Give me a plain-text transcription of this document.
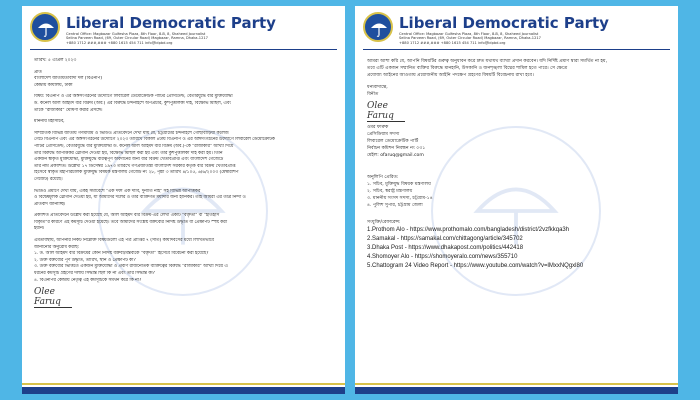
Liberal Democratic Party
Central Office: Magbazar Gulfesha Plaza, 8th Floor, 8-B, 8, Shaheed Journalist
Selina Parveen Road, (69, Outer Circular Road) Magbazar, Ramna, Dhaka-1217
+880 1712 ###,### +880 1615 454 711 info@ldpbd.org
তারিখ: ৫ এপ্রিল ২০২৩
প্রতি
বাংলাদেশ জাতীয়তাবাদী দল (বিএনপি)
কেন্দ্রীয় কার্যালয়, ঢাকা
বিষয়: বিএনপি ও এর অঙ্গসংগঠনের উদ্যোগে লিবারেল ডেমোক্রেটিক পার্টির প্রেসিডেন্ট, বেতারযুদ্ধে বীর মুক্তিযোদ্ধা
ড. কর্নেল অলি আহমদ বীর বিক্রম (অব:) এর বিরুদ্ধে চন্দনাইশে অপপ্রচার, কুশপুত্তলিকা দাহ, বিক্ষোভ মিছিল, এবং
তাঁকে "রাজাকার" ঘোষণা করার প্রসঙ্গে।
মাননীয় মহাসচিব,
সাম্প্রতিক বিভিন্ন জাতীয় গণমাধ্যম ও ভিডিও প্রতিবেদনে দেখা যায় যে, চট্টগ্রামের চন্দনাইশে গোছাবাড়িয়া কলেজ
গেটে বিএনপি এবং এর অঙ্গসংগঠনের উদ্যোগে ২০২৩ তারিখে বিকাল ৪টায় বিএনপি ও এর অঙ্গসংগঠনের উদ্যোগে লিবারেল ডেমোক্রেটিক
পার্টির প্রেসিডেন্ট, বেতারযুদ্ধে বীর মুক্তিযোদ্ধা ড. কর্নেল অলি আহমদ বীর বিক্রম (অব.)-কে "রাজাকার" আখ্যা দিয়ে
তাঁর বিরুদ্ধে আপত্তিকর স্লোগান দেওয়া হয়, বিক্ষোভ মিছিল করা হয় এবং তাঁর কুশপুত্তলিকা দাহ করা হয়। তিনি
একজন স্বীকৃত মুক্তিযোদ্ধা, মুক্তিযুদ্ধে বীরত্বপূর্ণ অবদানের জন্য বীর বিক্রম খেতাবপ্রাপ্ত এবং বাংলাদেশ গেজেটে
তাঁর নাম প্রকাশিত। উল্লেখ্য ১৭ ডিসেম্বর ১৯৭৩ তারিখে গণপ্রজাতন্ত্রী বাংলাদেশ সরকার কর্তৃক বীর বিক্রম খেতাবপ্রাপ্ত
হিসেবে স্বীকৃত মহাপরিচালক মুক্তিযুদ্ধ বিষয়ক মন্ত্রণালয় গেজেট নং ২৮, পৃষ্ঠা ৩ তারিখ ৪/১০৫, ৬/৬/২০০৩ (মেম্বারশিপ
গেজেট) রয়েছে।
ভিডিও প্রমাণে দেখা যায়, একই সমাবেশে "এক দফা এক দাবি, দুর্নীতি নাই" সহ বিভিন্ন আপত্তিকর
ও বিদ্বেষমূলক স্লোগান দেওয়া হয়, যা আমাদের দলের ও তাঁর ব্যক্তিগত মর্যাদার জন্য হানিকর। তাই আমরা এর তীব্র নিন্দা ও
প্রতিবাদ জানাচ্ছি।
প্রকাশিত প্রতিবেদনে উল্লেখ করা হয়েছে যে, অলি আহমদ বীর বিক্রম-এর লেখা একটি "বক্তৃতা" বা "ইতিহাস
বিকৃতি"র কারণে এই কর্মসূচি দেওয়া হয়েছে। তবে আমাদের সংশ্লিষ্ট বক্তব্যের নির্দিষ্ট উদ্ধৃতি বা প্রেক্ষাপট স্পষ্ট করা
হয়নি।
এমতাবস্থায়, আপনার নিকট নিম্নোক্ত বিষয়গুলো এই পত্র প্রাপ্তির ৭ (সাত) কার্যদিবসের মধ্যে লিখিতভাবে
জানানোর অনুরোধ করছি:
১. ড. অলি আহমদ বীর বিক্রমের কোন নির্দিষ্ট বক্তব্য/মন্তব্যকে "বক্তৃতা" হিসেবে বিবেচনা করা হয়েছে?
২. উক্ত বক্তব্যের পূর্ণ উদ্ধৃতি, তারিখ, স্থান ও প্রেক্ষাপট কী?
৩. উক্ত বক্তব্যের ভিত্তিতে একজন মুক্তিযোদ্ধা ও প্রবীণ রাজনৈতিক ব্যক্তিত্বের বিরুদ্ধে "রাজাকার" আখ্যা দিয়ে এ
ধরনের কর্মসূচি গ্রহণের দলীয় সিদ্ধান্ত ছিল কি না এবং তার সিদ্ধান্ত কী?
৪. বিএনপির কেন্দ্রীয় নেতৃত্ব এই কর্মসূচিকে সমর্থন করে কি না?
Olee Faruq
Liberal Democratic Party
Central Office: Magbazar Gulfesha Plaza, 8th Floor, 8-B, 8, Shaheed Journalist
Selina Parveen Road, (69, Outer Circular Road) Magbazar, Ramna, Dhaka-1217
+880 1712 ###,### +880 1615 454 711 info@ldpbd.org
আমরা আশা করি যে, আপনি বিষয়টির গুরুত্ব অনুধাবন করে দ্রুত যথাযথ ব্যাখ্যা প্রদান করবেন। যদি নির্দিষ্ট প্রমাণ দ্বারা সমর্থিত না হয়,
তবে এটি একজন সম্মানিত ব্যক্তির বিরুদ্ধে মানহানি, উসকানি ও জনশৃঙ্খলা বিঘ্নের শামিল হতে পারে। সে ক্ষেত্রে
প্রযোজ্য আইনের আওতায় প্রয়োজনীয় আইনি পদক্ষেপ গ্রহণের বিষয়টি বিবেচনায় রাখা হবে।
ধন্যবাদান্তে,
বিনীত
Olee Faruq
ওমর ফারুক
প্রেসিডিয়াম সদস্য
লিবারেল ডেমোক্রেটিক পার্টি
নির্বাচন কমিশন নিবন্ধন নং ০৩১
মেইল: ofaruq@gmail.com
অনুলিপি প্রেরিত:
১. সচিব, মুক্তিযুদ্ধ বিষয়ক মন্ত্রণালয়
২. সচিব, স্বরাষ্ট্র মন্ত্রণালয়
৩. মাননীয় সংসদ সদস্য, চট্টগ্রাম-১৪
৪. পুলিশ সুপার, চট্টগ্রাম জেলা
সংযুক্তি/রেফারেন্স:
1.Prothom Alo - https://www.prothomalo.com/bangladesh/district/2vzfkkqa3h
2.Samakal - https://samakal.com/chittagong/article/345702
3.Dhaka Post - https://www.dhakapost.com/politics/442418
4.Shomoyer Alo - https://shomoyeralo.com/news/355710
5.Chattogram 24 Video Report - https://www.youtube.com/watch?v=lMxxNQgxl80
